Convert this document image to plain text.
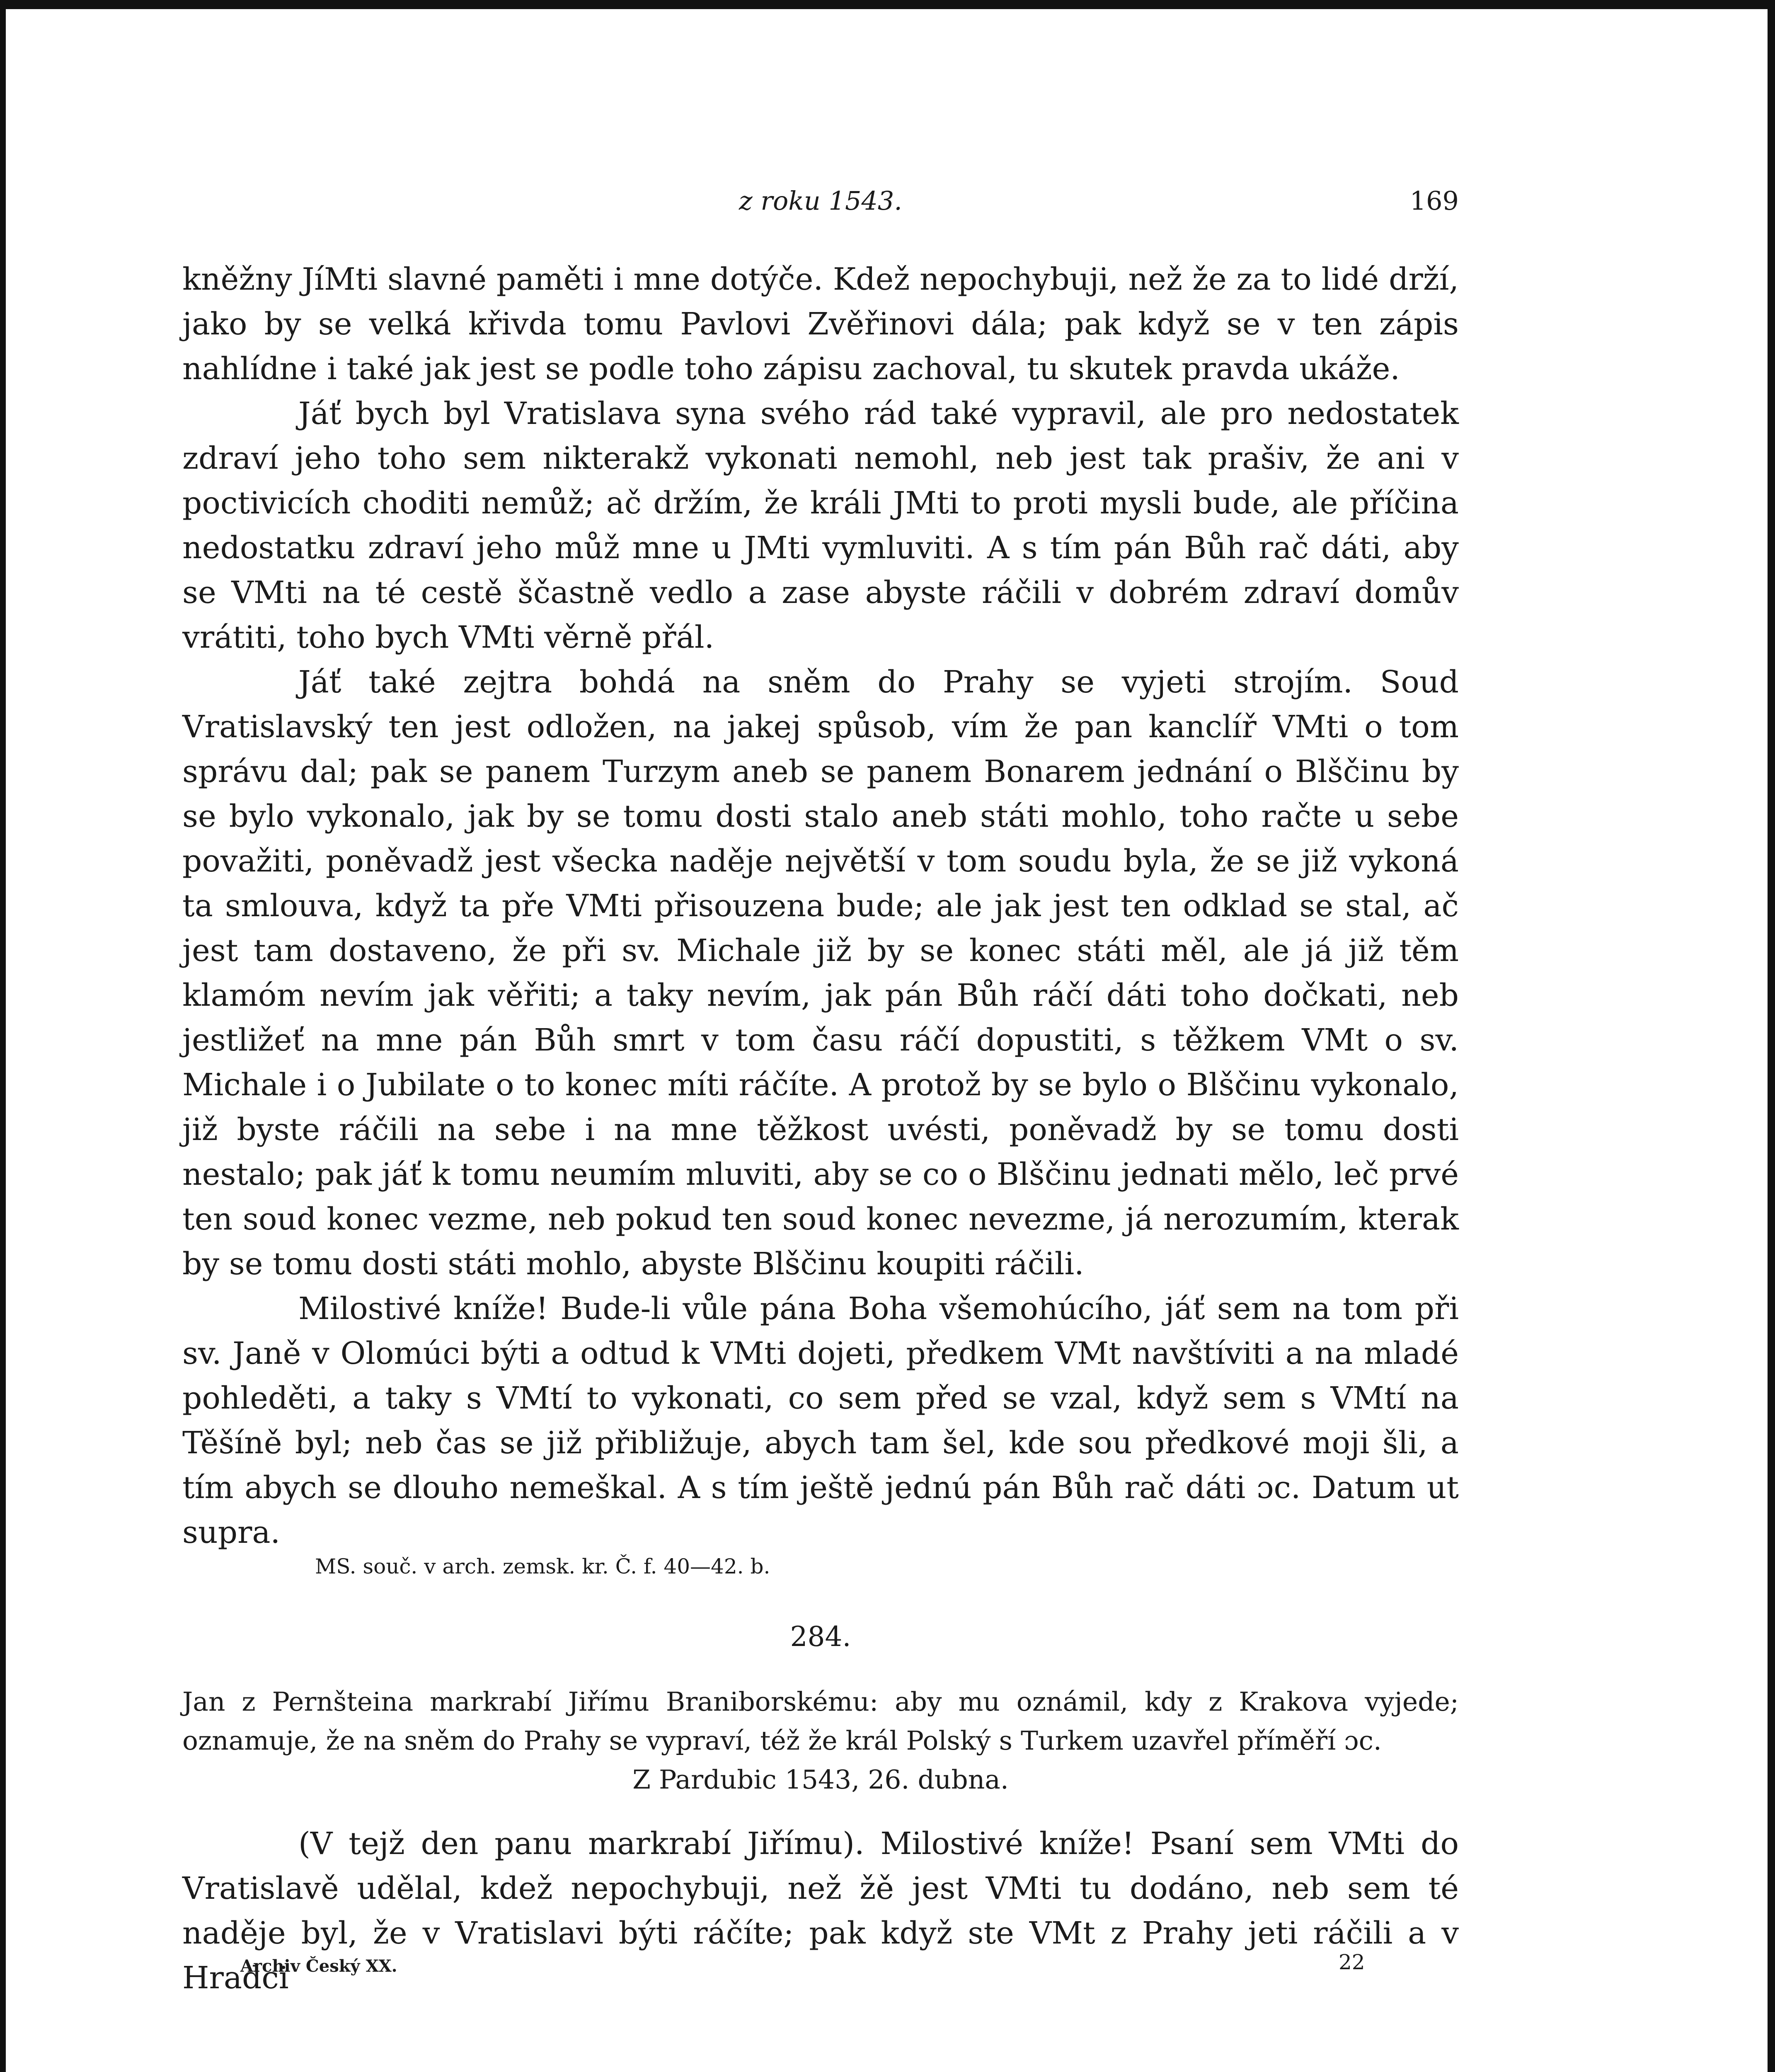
z roku 1543.	169
kněžny JíMti slavné paměti i mne dotýče. Kdež nepochybuji, než že za to lidé drží, jako by se velká křivda tomu Pavlovi Zvěřinovi dála; pak když se v ten zápis nahlídne i také jak jest se podle toho zápisu zachoval, tu skutek pravda ukáže.
Jáť bych byl Vratislava syna svého rád také vypravil, ale pro nedostatek zdraví jeho toho sem nikterakž vykonati nemohl, neb jest tak prašiv, že ani v poctivicích choditi nemůž; ač držím, že králi JMti to proti mysli bude, ale příčina nedostatku zdraví jeho můž mne u JMti vymluviti. A s tím pán Bůh rač dáti, aby se VMti na té cestě ščastně vedlo a zase abyste ráčili v dobrém zdraví domův vrátiti, toho bych VMti věrně přál.
Jáť také zejtra bohdá na sněm do Prahy se vyjeti strojím. Soud Vratislavský ten jest odložen, na jakej spůsob, vím že pan kanclíř VMti o tom správu dal; pak se panem Turzym aneb se panem Bonarem jednání o Blščinu by se bylo vykonalo, jak by se tomu dosti stalo aneb státi mohlo, toho račte u sebe považiti, poněvadž jest všecka naděje největší v tom soudu byla, že se již vykoná ta smlouva, když ta pře VMti přisouzena bude; ale jak jest ten odklad se stal, ač jest tam dostaveno, že při sv. Michale již by se konec státi měl, ale já již těm klamóm nevím jak věřiti; a taky nevím, jak pán Bůh ráčí dáti toho dočkati, neb jestližeť na mne pán Bůh smrt v tom času ráčí dopustiti, s těžkem VMt o sv. Michale i o Jubilate o to konec míti ráčíte. A protož by se bylo o Blščinu vykonalo, již byste ráčili na sebe i na mne těžkost uvésti, poněvadž by se tomu dosti nestalo; pak jáť k tomu neumím mluviti, aby se co o Blščinu jednati mělo, leč prvé ten soud konec vezme, neb pokud ten soud konec nevezme, já nerozumím, kterak by se tomu dosti státi mohlo, abyste Blščinu koupiti ráčili.
Milostivé kníže! Bude-li vůle pána Boha všemohúcího, jáť sem na tom při sv. Janě v Olomúci býti a odtud k VMti dojeti, předkem VMt navštíviti a na mladé pohleděti, a taky s VMtí to vykonati, co sem před se vzal, když sem s VMtí na Těšíně byl; neb čas se již přibližuje, abych tam šel, kde sou předkové moji šli, a tím abych se dlouho nemeškal. A s tím ještě jednú pán Bůh rač dáti ɔc. Datum ut supra.
MS. souč. v arch. zemsk. kr. Č. f. 40—42. b.
284.
Jan z Pernšteina markrabí Jiřímu Braniborskému: aby mu oznámil, kdy z Krakova vyjede; oznamuje, že na sněm do Prahy se vypraví, též že král Polský s Turkem uzavřel příměří ɔc.
Z Pardubic 1543, 26. dubna.
(V tejž den panu markrabí Jiřímu). Milostivé kníže! Psaní sem VMti do Vratislavě udělal, kdež nepochybuji, než žě jest VMti tu dodáno, neb sem té naděje byl, že v Vratislavi býti ráčíte; pak když ste VMt z Prahy jeti ráčili a v Hradci
Archiv Český XX.	22
